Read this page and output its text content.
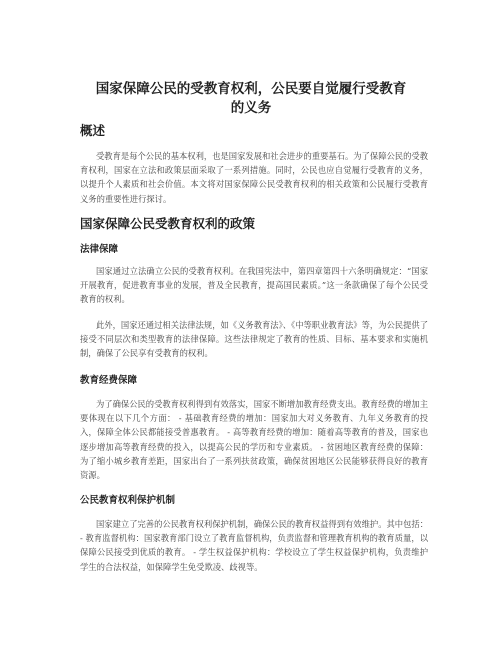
国家保障公民的受教育权利，公民要自觉履行受教育
的义务
概述

受教育是每个公民的基本权利，也是国家发展和社会进步的重要基石。为了保障公民的受教育权利，国家在立法和政策层面采取了一系列措施。同时，公民也应自觉履行受教育的义务，以提升个人素质和社会价值。本文将对国家保障公民受教育权利的相关政策和公民履行受教育义务的重要性进行探讨。

国家保障公民受教育权利的政策
法律保障

国家通过立法确立公民的受教育权利。在我国宪法中，第四章第四十六条明确规定：“国家开展教育，促进教育事业的发展，普及全民教育，提高国民素质。”这一条款确保了每个公民受教育的权利。

此外，国家还通过相关法律法规，如《义务教育法》、《中等职业教育法》等，为公民提供了接受不同层次和类型教育的法律保障。这些法律规定了教育的性质、目标、基本要求和实施机制，确保了公民享有受教育的权利。

教育经费保障

为了确保公民的受教育权利得到有效落实，国家不断增加教育经费支出。教育经费的增加主要体现在以下几个方面： - 基础教育经费的增加：国家加大对义务教育、九年义务教育的投入，保障全体公民都能接受普惠教育。 - 高等教育经费的增加：随着高等教育的普及，国家也逐步增加高等教育经费的投入，以提高公民的学历和专业素质。 - 贫困地区教育经费的保障：为了缩小城乡教育差距，国家出台了一系列扶贫政策，确保贫困地区公民能够获得良好的教育资源。

公民教育权利保护机制

国家建立了完善的公民教育权利保护机制，确保公民的教育权益得到有效维护。其中包括： - 教育监督机构：国家教育部门设立了教育监督机构，负责监督和管理教育机构的教育质量，以保障公民接受到优质的教育。 - 学生权益保护机构：学校设立了学生权益保护机构，负责维护学生的合法权益，如保障学生免受欺凌、歧视等。
